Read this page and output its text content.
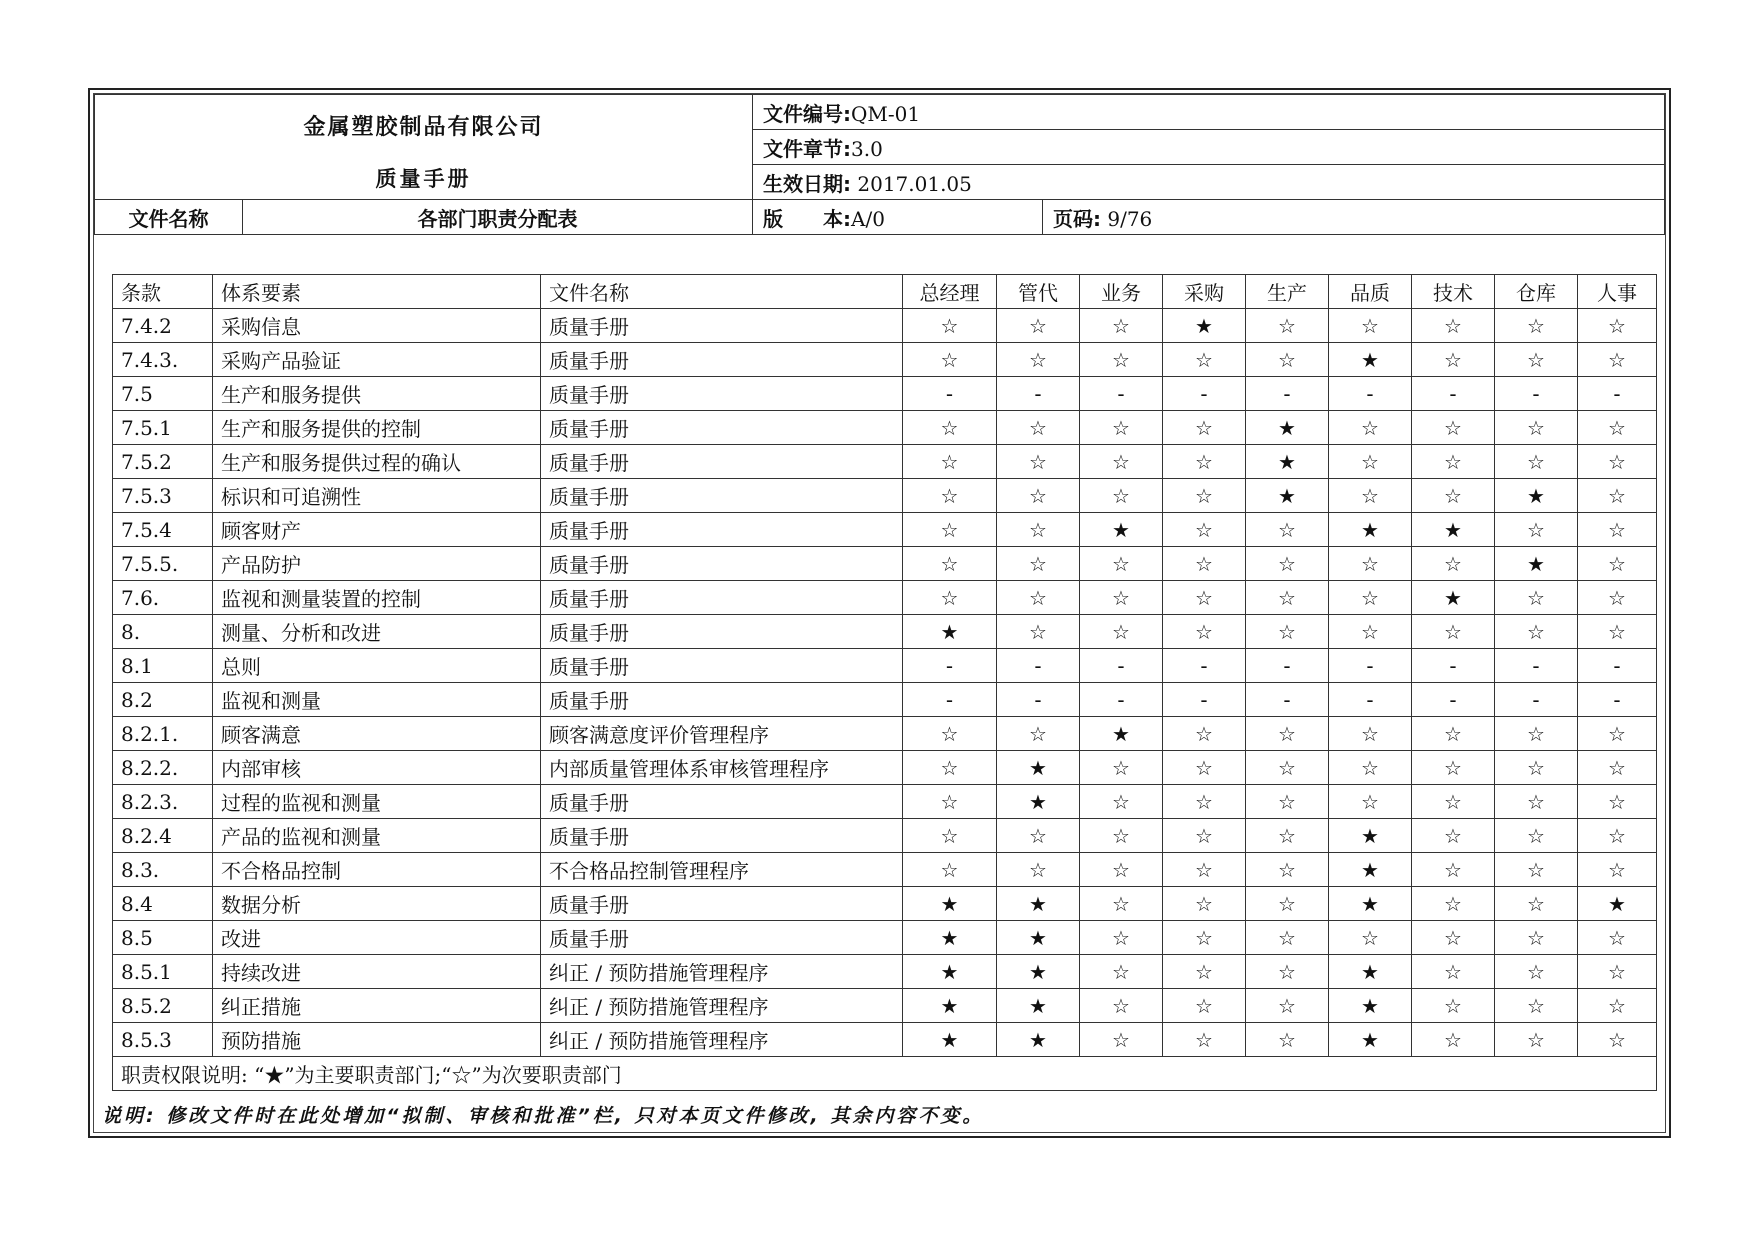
金属塑胶制品有限公司
质量手册		文件编号:QM-01	
		文件章节:3.0	
		生效日期: 2017.01.05	
文件名称	各部门职责分配表	版　　本:A/0	页码: 9/76
条款	体系要素	文件名称	总经理	管代	业务	采购	生产	品质	技术	仓库	人事
7.4.2	采购信息	质量手册	☆	☆	☆	★	☆	☆	☆	☆	☆
7.4.3.	采购产品验证	质量手册	☆	☆	☆	☆	☆	★	☆	☆	☆
7.5	生产和服务提供	质量手册	-	-	-	-	-	-	-	-	-
7.5.1	生产和服务提供的控制	质量手册	☆	☆	☆	☆	★	☆	☆	☆	☆
7.5.2	生产和服务提供过程的确认	质量手册	☆	☆	☆	☆	★	☆	☆	☆	☆
7.5.3	标识和可追溯性	质量手册	☆	☆	☆	☆	★	☆	☆	★	☆
7.5.4	顾客财产	质量手册	☆	☆	★	☆	☆	★	★	☆	☆
7.5.5.	产品防护	质量手册	☆	☆	☆	☆	☆	☆	☆	★	☆
7.6.	监视和测量装置的控制	质量手册	☆	☆	☆	☆	☆	☆	★	☆	☆
8.	测量、分析和改进	质量手册	★	☆	☆	☆	☆	☆	☆	☆	☆
8.1	总则	质量手册	-	-	-	-	-	-	-	-	-
8.2	监视和测量	质量手册	-	-	-	-	-	-	-	-	-
8.2.1.	顾客满意	顾客满意度评价管理程序	☆	☆	★	☆	☆	☆	☆	☆	☆
8.2.2.	内部审核	内部质量管理体系审核管理程序	☆	★	☆	☆	☆	☆	☆	☆	☆
8.2.3.	过程的监视和测量	质量手册	☆	★	☆	☆	☆	☆	☆	☆	☆
8.2.4	产品的监视和测量	质量手册	☆	☆	☆	☆	☆	★	☆	☆	☆
8.3.	不合格品控制	不合格品控制管理程序	☆	☆	☆	☆	☆	★	☆	☆	☆
8.4	数据分析	质量手册	★	★	☆	☆	☆	★	☆	☆	★
8.5	改进	质量手册	★	★	☆	☆	☆	☆	☆	☆	☆
8.5.1	持续改进	纠正 / 预防措施管理程序	★	★	☆	☆	☆	★	☆	☆	☆
8.5.2	纠正措施	纠正 / 预防措施管理程序	★	★	☆	☆	☆	★	☆	☆	☆
8.5.3	预防措施	纠正 / 预防措施管理程序	★	★	☆	☆	☆	★	☆	☆	☆
职责权限说明: “★”为主要职责部门;“☆”为次要职责部门											
说明: 修改文件时在此处增加“拟制、审核和批准”栏, 只对本页文件修改, 其余内容不变。
